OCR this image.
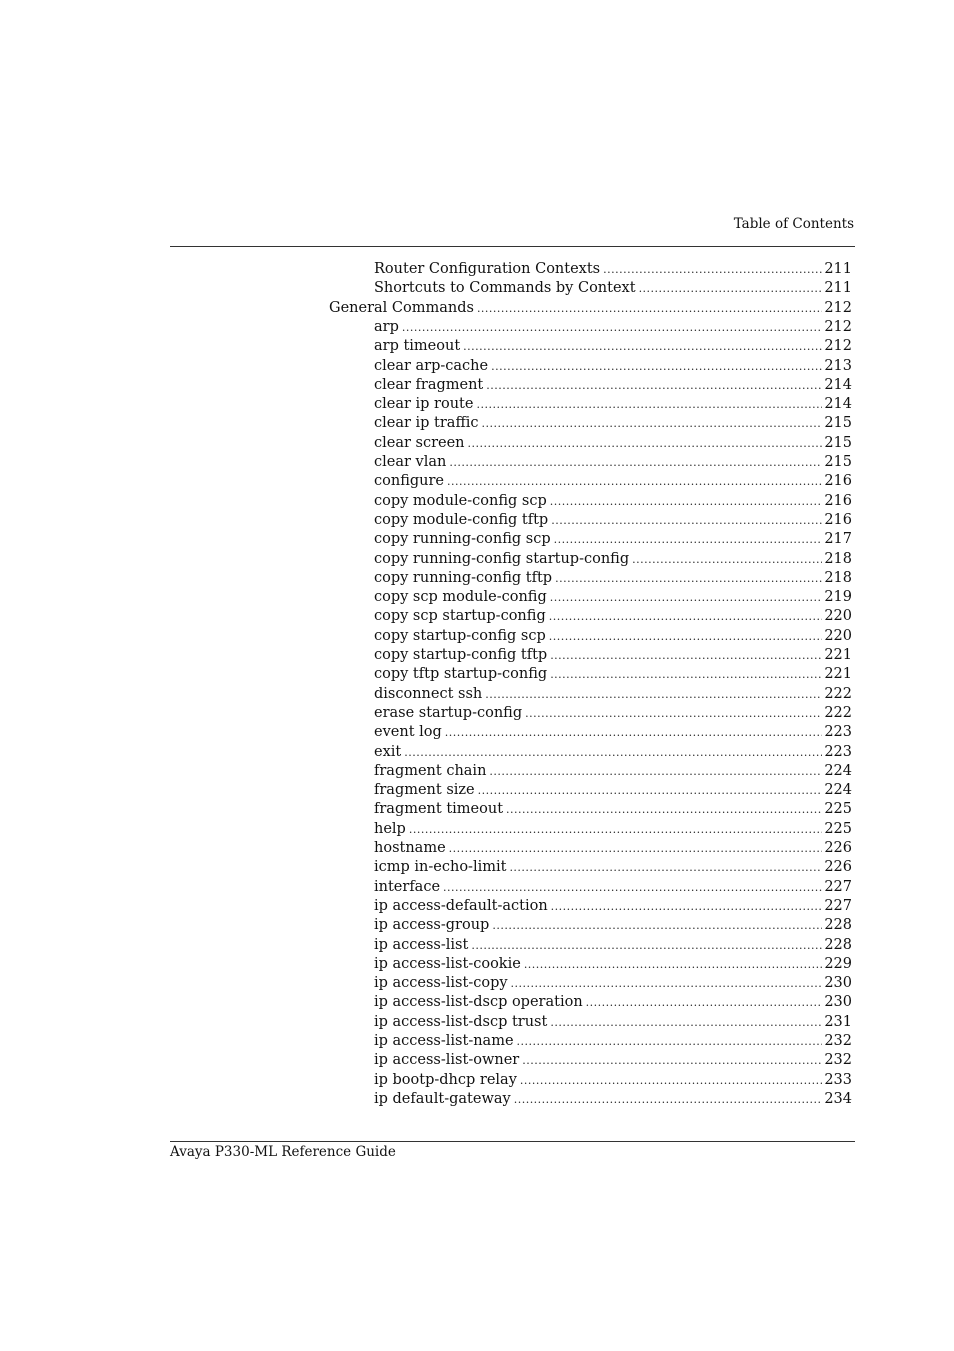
Table of Contents
Router Configuration Contexts .....	211
Shortcuts to Commands by Context .....	211
General Commands .....	212
arp .....	212
arp timeout .....	212
clear arp-cache .....	213
clear fragment .....	214
clear ip route .....	214
clear ip traffic .....	215
clear screen .....	215
clear vlan .....	215
configure .....	216
copy module-config scp .....	216
copy module-config tftp .....	216
copy running-config scp .....	217
copy running-config startup-config .....	218
copy running-config tftp .....	218
copy scp module-config .....	219
copy scp startup-config .....	220
copy startup-config scp .....	220
copy startup-config tftp .....	221
copy tftp startup-config .....	221
disconnect ssh .....	222
erase startup-config .....	222
event log .....	223
exit .....	223
fragment chain .....	224
fragment size .....	224
fragment timeout .....	225
help .....	225
hostname .....	226
icmp in-echo-limit .....	226
interface .....	227
ip access-default-action .....	227
ip access-group .....	228
ip access-list .....	228
ip access-list-cookie .....	229
ip access-list-copy .....	230
ip access-list-dscp operation .....	230
ip access-list-dscp trust .....	231
ip access-list-name .....	232
ip access-list-owner .....	232
ip bootp-dhcp relay .....	233
ip default-gateway .....	234
Avaya P330-ML Reference Guide
